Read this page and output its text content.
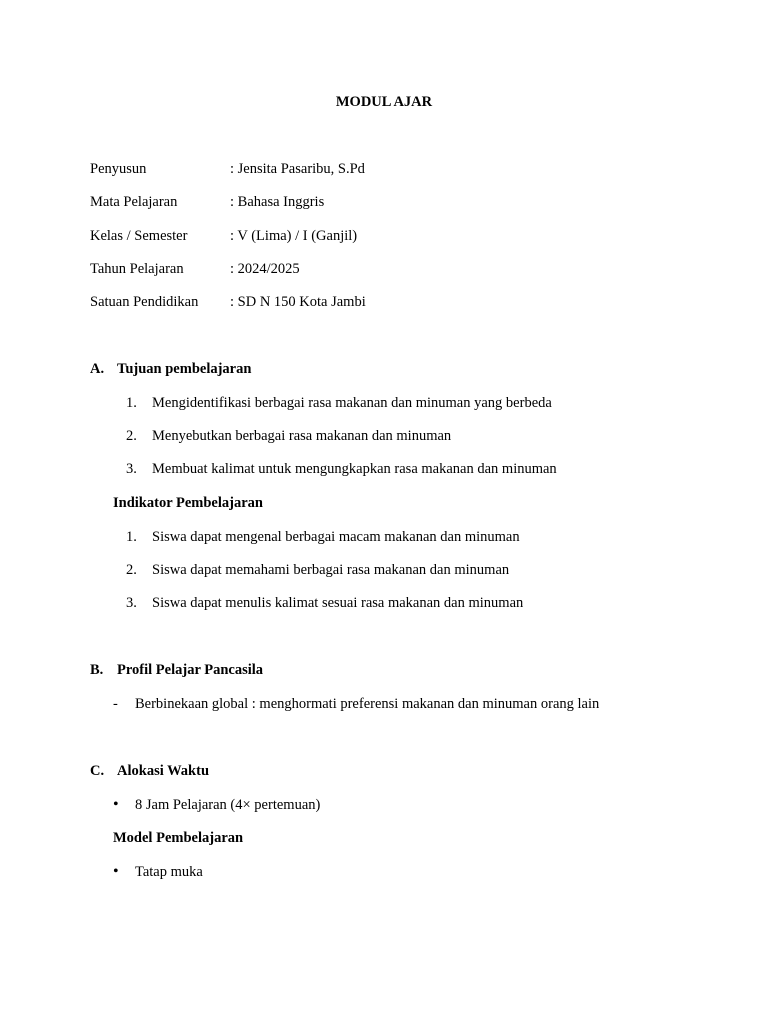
MODUL AJAR
Penyusun	: Jensita Pasaribu, S.Pd
Mata Pelajaran	: Bahasa Inggris
Kelas / Semester	: V (Lima) / I (Ganjil)
Tahun Pelajaran	: 2024/2025
Satuan Pendidikan : SD N 150 Kota Jambi
A. Tujuan pembelajaran
1. Mengidentifikasi berbagai rasa makanan dan minuman yang berbeda
2. Menyebutkan berbagai rasa makanan dan minuman
3. Membuat kalimat untuk mengungkapkan rasa makanan dan minuman
Indikator Pembelajaran
1. Siswa dapat mengenal berbagai macam makanan dan minuman
2. Siswa dapat memahami berbagai rasa makanan dan minuman
3. Siswa dapat menulis kalimat sesuai rasa makanan dan minuman
B. Profil Pelajar Pancasila
- Berbinekaan global : menghormati preferensi makanan dan minuman orang lain
C. Alokasi Waktu
• 8 Jam Pelajaran (4× pertemuan)
Model Pembelajaran
• Tatap muka
